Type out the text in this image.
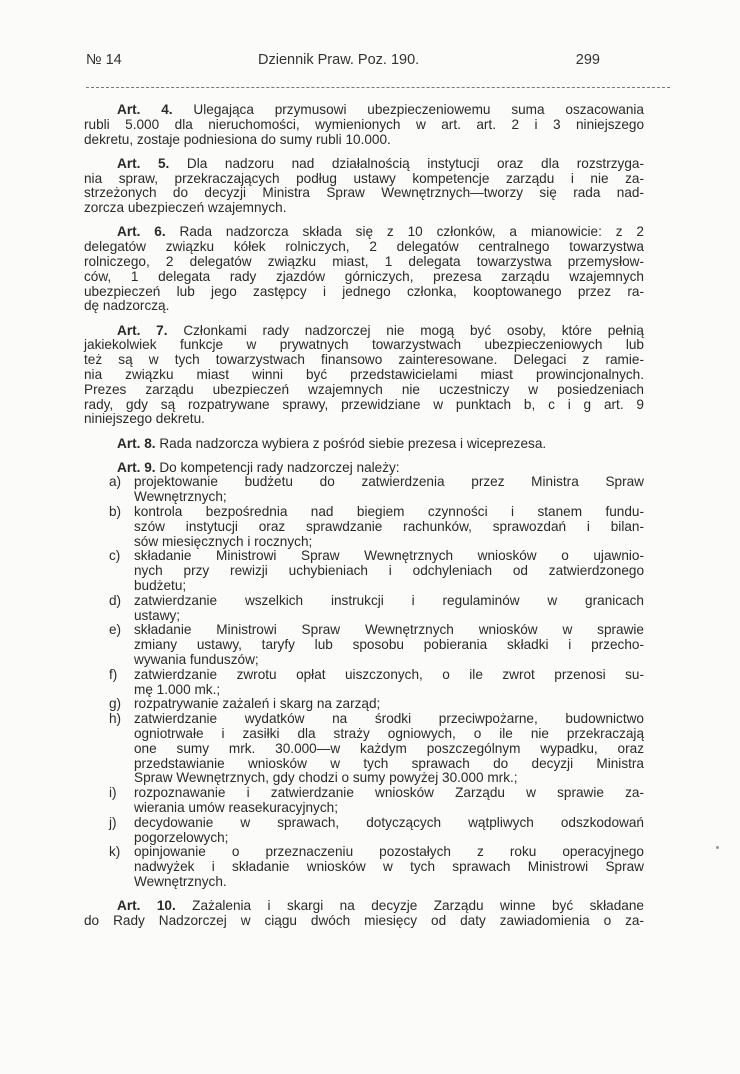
№ 14	Dziennik Praw. Poz. 190.	299
Art. 4. Ulegająca przymusowi ubezpieczeniowemu suma oszacowania
rubli 5.000 dla nieruchomości, wymienionych w art. art. 2 i 3 niniejszego
dekretu, zostaje podniesiona do sumy rubli 10.000.
Art. 5. Dla nadzoru nad działalnością instytucji oraz dla rozstrzyga-
nia spraw, przekraczających podług ustawy kompetencje zarządu i nie za-
strzeżonych do decyzji Ministra Spraw Wewnętrznych—tworzy się rada nad-
zorcza ubezpieczeń wzajemnych.
Art. 6. Rada nadzorcza składa się z 10 członków, a mianowicie: z 2
delegatów związku kółek rolniczych, 2 delegatów centralnego towarzystwa
rolniczego, 2 delegatów związku miast, 1 delegata towarzystwa przemysłow-
ców, 1 delegata rady zjazdów górniczych, prezesa zarządu wzajemnych
ubezpieczeń lub jego zastępcy i jednego członka, kooptowanego przez ra-
dę nadzorczą.
Art. 7. Członkami rady nadzorczej nie mogą być osoby, które pełnią
jakiekolwiek funkcje w prywatnych towarzystwach ubezpieczeniowych lub
też są w tych towarzystwach finansowo zainteresowane. Delegaci z ramie-
nia związku miast winni być przedstawicielami miast prowincjonalnych.
Prezes zarządu ubezpieczeń wzajemnych nie uczestniczy w posiedzeniach
rady, gdy są rozpatrywane sprawy, przewidziane w punktach b, c i g art. 9
niniejszego dekretu.
Art. 8. Rada nadzorcza wybiera z pośród siebie prezesa i wiceprezesa.
Art. 9. Do kompetencji rady nadzorczej należy:
a) projektowanie budżetu do zatwierdzenia przez Ministra Spraw
Wewnętrznych;
b) kontrola bezpośrednia nad biegiem czynności i stanem fundu-
szów instytucji oraz sprawdzanie rachunków, sprawozdań i bilan-
sów miesięcznych i rocznych;
c) składanie Ministrowi Spraw Wewnętrznych wniosków o ujawnio-
nych przy rewizji uchybieniach i odchyleniach od zatwierdzonego
budżetu;
d) zatwierdzanie wszelkich instrukcji i regulaminów w granicach
ustawy;
e) składanie Ministrowi Spraw Wewnętrznych wniosków w sprawie
zmiany ustawy, taryfy lub sposobu pobierania składki i przecho-
wywania funduszów;
f) zatwierdzanie zwrotu opłat uiszczonych, o ile zwrot przenosi su-
mę 1.000 mk.;
g) rozpatrywanie zażaleń i skarg na zarząd;
h) zatwierdzanie wydatków na środki przeciwpożarne, budownictwo
ogniotrwałe i zasiłki dla straży ogniowych, o ile nie przekraczają
one sumy mrk. 30.000—w każdym poszczególnym wypadku, oraz
przedstawianie wniosków w tych sprawach do decyzji Ministra
Spraw Wewnętrznych, gdy chodzi o sumy powyżej 30.000 mrk.;
i) rozpoznawanie i zatwierdzanie wniosków Zarządu w sprawie za-
wierania umów reasekuracyjnych;
j) decydowanie w sprawach, dotyczących wątpliwych odszkodowań
pogorzelowych;
k) opinjowanie o przeznaczeniu pozostałych z roku operacyjnego
nadwyżek i składanie wniosków w tych sprawach Ministrowi Spraw
Wewnętrznych.
Art. 10. Zażalenia i skargi na decyzje Zarządu winne być składane
do Rady Nadzorczej w ciągu dwóch miesięcy od daty zawiadomienia o za-
